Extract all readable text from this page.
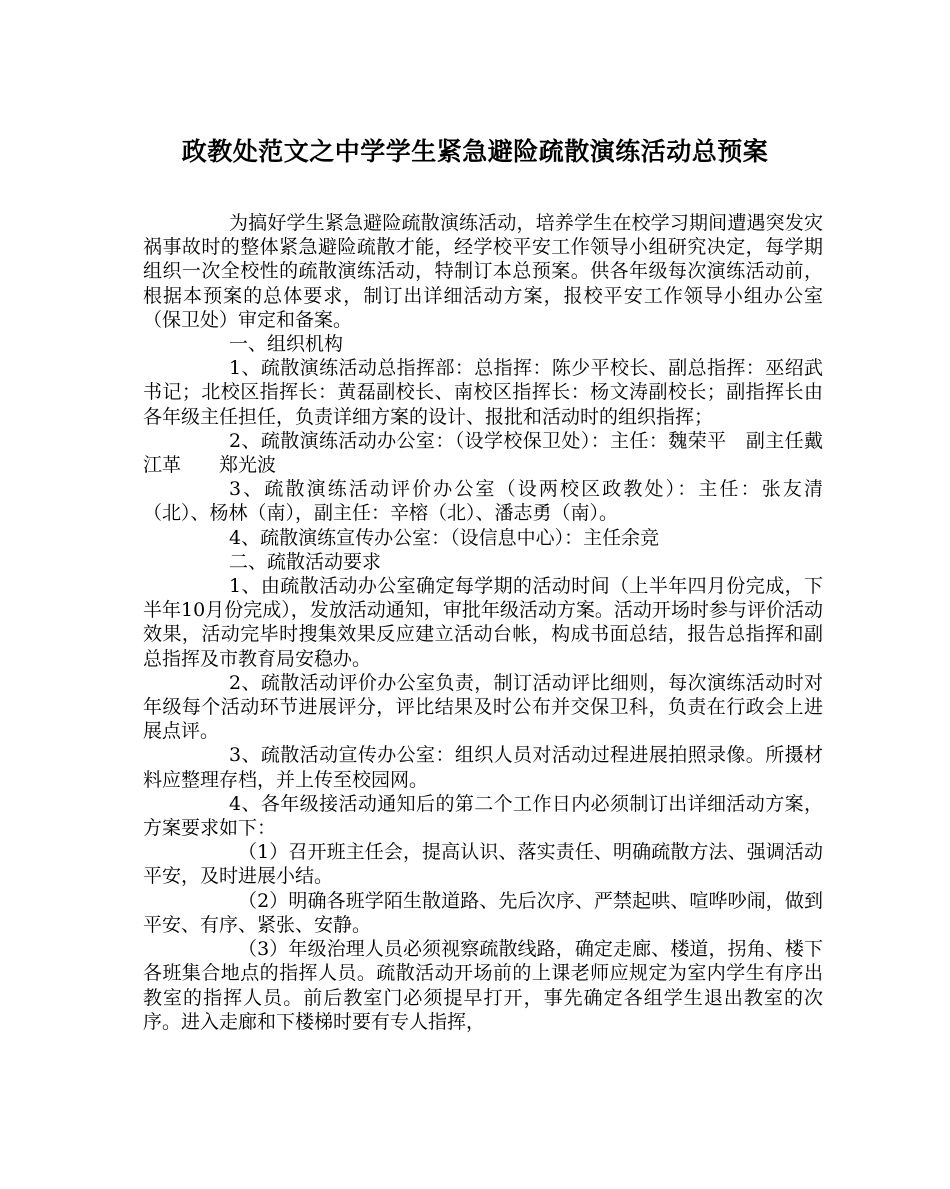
政教处范文之中学学生紧急避险疏散演练活动总预案

为搞好学生紧急避险疏散演练活动，培养学生在校学习期间遭遇突发灾祸事故时的整体紧急避险疏散才能，经学校平安工作领导小组研究决定，每学期组织一次全校性的疏散演练活动，特制订本总预案。供各年级每次演练活动前，根据本预案的总体要求，制订出详细活动方案，报校平安工作领导小组办公室（保卫处）审定和备案。

一、组织机构

1、疏散演练活动总指挥部：总指挥：陈少平校长、副总指挥：巫绍武书记；北校区指挥长：黄磊副校长、南校区指挥长：杨文涛副校长；副指挥长由各年级主任担任，负责详细方案的设计、报批和活动时的组织指挥；

2、疏散演练活动办公室：（设学校保卫处）：主任：魏荣平　副主任戴江革　　郑光波

3、疏散演练活动评价办公室（设两校区政教处）：主任：张友清（北）、杨林（南），副主任：辛榕（北）、潘志勇（南）。

4、疏散演练宣传办公室：（设信息中心）：主任余竞

二、疏散活动要求

1、由疏散活动办公室确定每学期的活动时间（上半年四月份完成，下半年10月份完成），发放活动通知，审批年级活动方案。活动开场时参与评价活动效果，活动完毕时搜集效果反应建立活动台帐，构成书面总结，报告总指挥和副总指挥及市教育局安稳办。

2、疏散活动评价办公室负责，制订活动评比细则，每次演练活动时对年级每个活动环节进展评分，评比结果及时公布并交保卫科，负责在行政会上进展点评。

3、疏散活动宣传办公室：组织人员对活动过程进展拍照录像。所摄材料应整理存档，并上传至校园网。

4、各年级接活动通知后的第二个工作日内必须制订出详细活动方案，方案要求如下：

（1）召开班主任会，提高认识、落实责任、明确疏散方法、强调活动平安，及时进展小结。

（2）明确各班学陌生散道路、先后次序、严禁起哄、喧哗吵闹，做到平安、有序、紧张、安静。

（3）年级治理人员必须视察疏散线路，确定走廊、楼道，拐角、楼下各班集合地点的指挥人员。疏散活动开场前的上课老师应规定为室内学生有序出教室的指挥人员。前后教室门必须提早打开，事先确定各组学生退出教室的次序。进入走廊和下楼梯时要有专人指挥，
